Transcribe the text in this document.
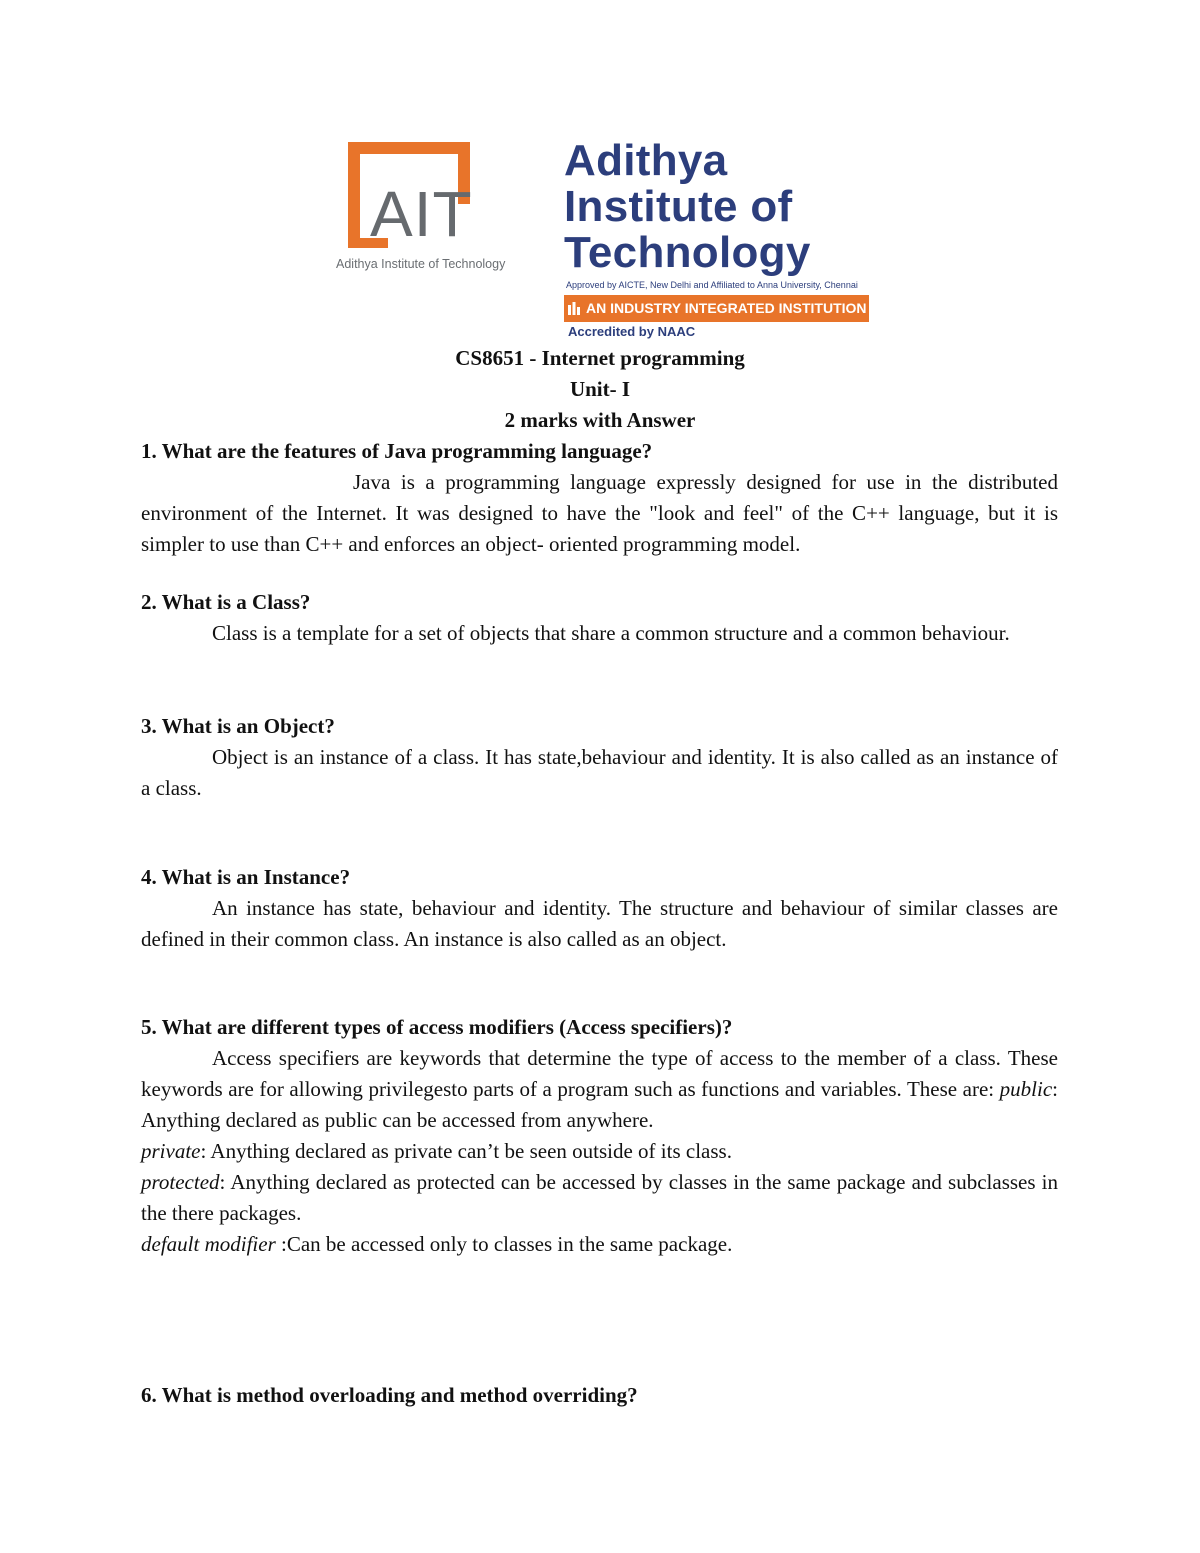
AIT
Adithya Institute of Technology
Adithya
Institute of
Technology
Approved by AICTE, New Delhi and Affiliated to Anna University, Chennai
AN INDUSTRY INTEGRATED INSTITUTION
Accredited by NAAC
CS8651 - Internet programming
Unit- I
2 marks with Answer
1. What are the features of Java programming language?
Java is a programming language expressly designed for use in the distributed environment of the Internet. It was designed to have the "look and feel" of the C++ language, but it is simpler to use than C++ and enforces an object- oriented programming model.
2. What is a Class?
Class is a template for a set of objects that share a common structure and a common behaviour.
3. What is an Object?
Object is an instance of a class. It has state,behaviour and identity. It is also called as an instance of a class.
4. What is an Instance?
An instance has state, behaviour and identity. The structure and behaviour of similar classes are defined in their common class. An instance is also called as an object.
5. What are different types of access modifiers (Access specifiers)?
Access specifiers are keywords that determine the type of access to the member of a class. These keywords are for allowing privilegesto parts of a program such as functions and variables. These are: public: Anything declared as public can be accessed from anywhere.
private: Anything declared as private can’t be seen outside of its class.
protected: Anything declared as protected can be accessed by classes in the same package and subclasses in the there packages.
default modifier :Can be accessed only to classes in the same package.
6. What is method overloading and method overriding?
